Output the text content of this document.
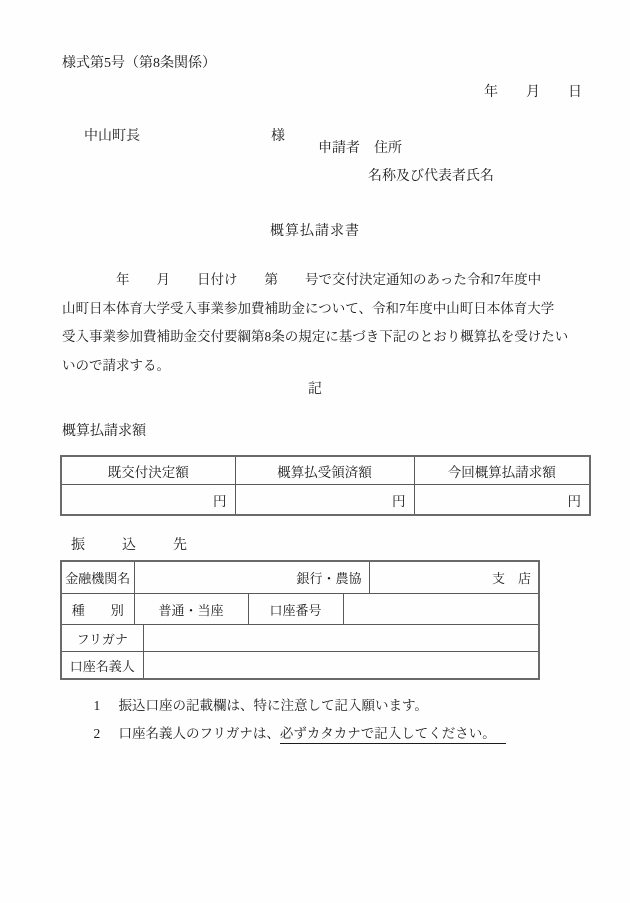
様式第5号（第8条関係）
年　　月　　日

中山町長	様

申請者　住所
名称及び代表者氏名
概算払請求書
　　　　年　　月　　日付け　　第　　号で交付決定通知のあった令和7年度中
山町日本体育大学受入事業参加費補助金について、令和7年度中山町日本体育大学
受入事業参加費補助金交付要綱第8条の規定に基づき下記のとおり概算払を受けたい
いので請求する。
記
概算払請求額
既交付決定額	概算払受領済額	今回概算払請求額
円	円	円
振込先
金融機関名	銀行・農協				支　店
種　　別	普通・当座		口座番号		
フリガナ					
口座名義人					

1 振込口座の記載欄は、特に注意して記入願います。

2 口座名義人のフリガナは、必ずカタカナで記入してください。
